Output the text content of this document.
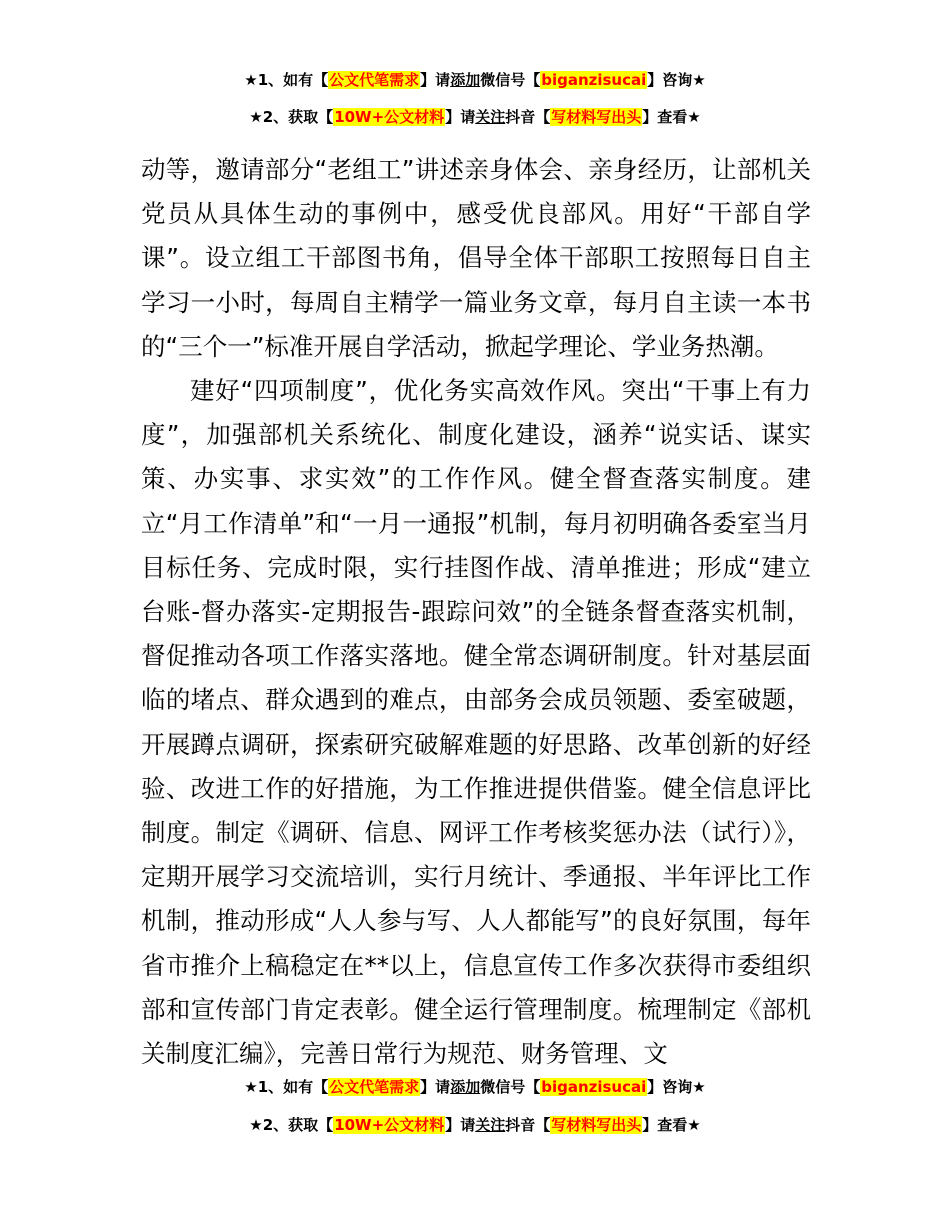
★1、如有【公文代笔需求】请添加微信号【biganzisucai】咨询★
★2、获取【10W+公文材料】请关注抖音【写材料写出头】查看★

动等，邀请部分“老组工”讲述亲身体会、亲身经历，让部机关党员从具体生动的事例中，感受优良部风。用好“干部自学课”。设立组工干部图书角，倡导全体干部职工按照每日自主学习一小时，每周自主精学一篇业务文章，每月自主读一本书的“三个一”标准开展自学活动，掀起学理论、学业务热潮。

建好“四项制度”，优化务实高效作风。突出“干事上有力度”，加强部机关系统化、制度化建设，涵养“说实话、谋实策、办实事、求实效”的工作作风。健全督查落实制度。建立“月工作清单”和“一月一通报”机制，每月初明确各委室当月目标任务、完成时限，实行挂图作战、清单推进；形成“建立台账-督办落实-定期报告-跟踪问效”的全链条督查落实机制，督促推动各项工作落实落地。健全常态调研制度。针对基层面临的堵点、群众遇到的难点，由部务会成员领题、委室破题，开展蹲点调研，探索研究破解难题的好思路、改革创新的好经验、改进工作的好措施，为工作推进提供借鉴。健全信息评比制度。制定《调研、信息、网评工作考核奖惩办法（试行）》，定期开展学习交流培训，实行月统计、季通报、半年评比工作机制，推动形成“人人参与写、人人都能写”的良好氛围，每年省市推介上稿稳定在**以上，信息宣传工作多次获得市委组织部和宣传部门肯定表彰。健全运行管理制度。梳理制定《部机关制度汇编》，完善日常行为规范、财务管理、文

★1、如有【公文代笔需求】请添加微信号【biganzisucai】咨询★
★2、获取【10W+公文材料】请关注抖音【写材料写出头】查看★
